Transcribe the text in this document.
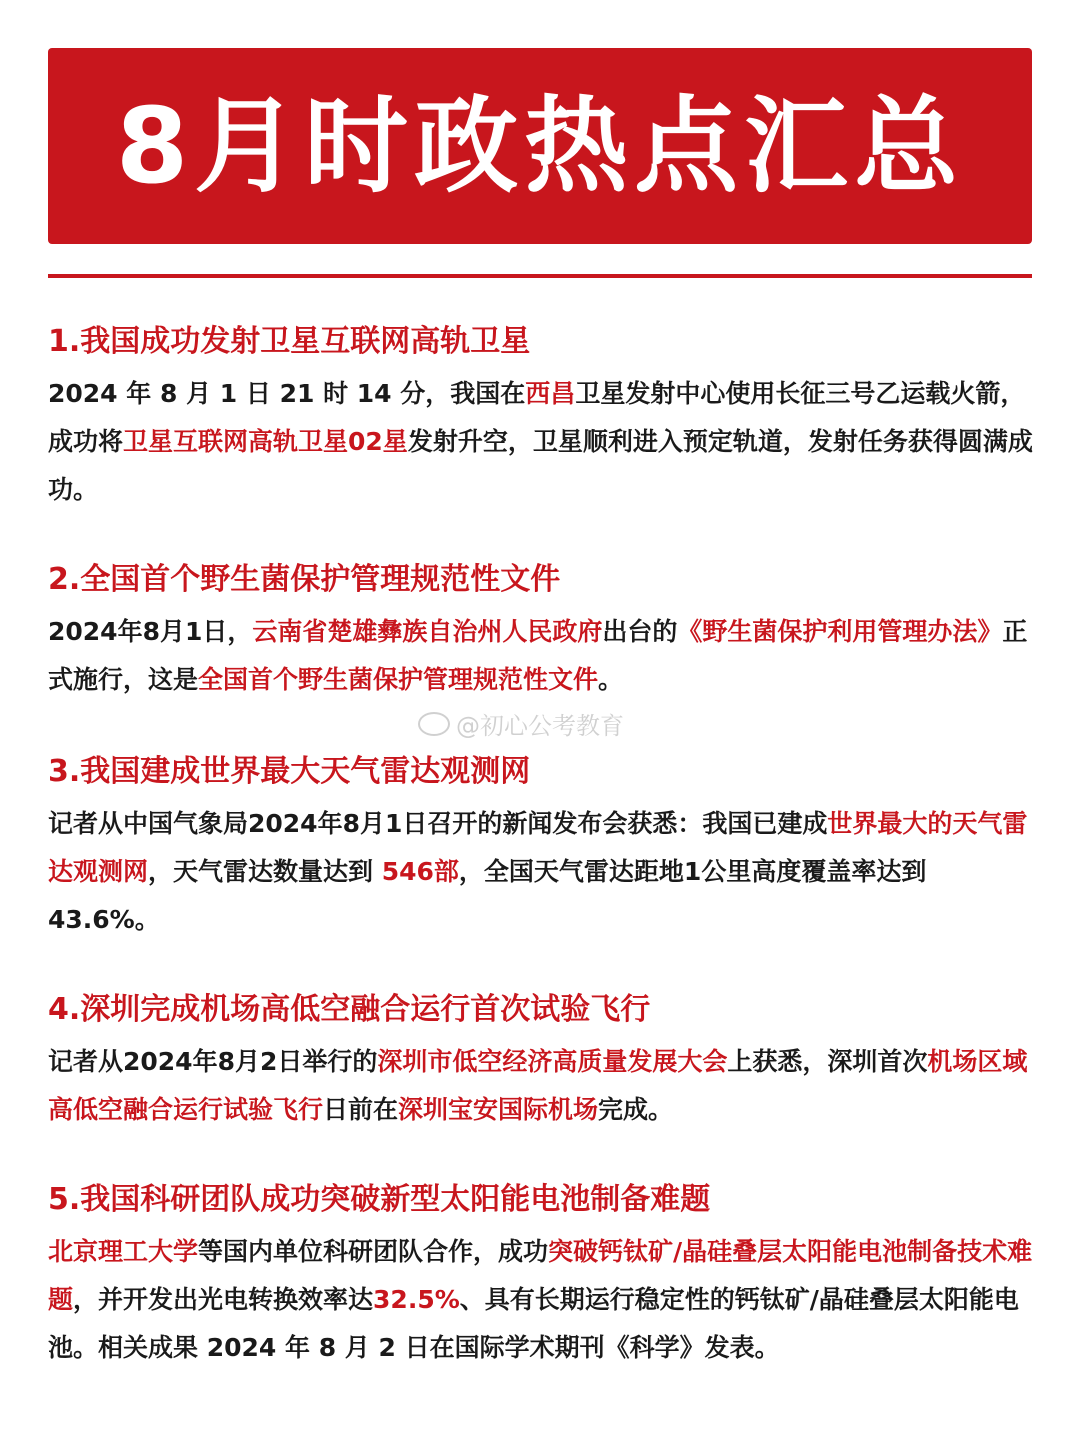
8月时政热点汇总
1.我国成功发射卫星互联网高轨卫星

2024 年 8 月 1 日 21 时 14 分，我国在西昌卫星发射中心使用长征三号乙运载火箭，成功将卫星互联网高轨卫星02星发射升空，卫星顺利进入预定轨道，发射任务获得圆满成功。

2.全国首个野生菌保护管理规范性文件

2024年8月1日，云南省楚雄彝族自治州人民政府出台的《野生菌保护利用管理办法》正式施行，这是全国首个野生菌保护管理规范性文件。

@初心公考教育
3.我国建成世界最大天气雷达观测网

记者从中国气象局2024年8月1日召开的新闻发布会获悉：我国已建成世界最大的天气雷达观测网，天气雷达数量达到 546部，全国天气雷达距地1公里高度覆盖率达到 43.6%。

4.深圳完成机场高低空融合运行首次试验飞行

记者从2024年8月2日举行的深圳市低空经济高质量发展大会上获悉，深圳首次机场区域高低空融合运行试验飞行日前在深圳宝安国际机场完成。

5.我国科研团队成功突破新型太阳能电池制备难题

北京理工大学等国内单位科研团队合作，成功突破钙钛矿/晶硅叠层太阳能电池制备技术难题，并开发出光电转换效率达32.5%、具有长期运行稳定性的钙钛矿/晶硅叠层太阳能电池。相关成果 2024 年 8 月 2 日在国际学术期刊《科学》发表。
